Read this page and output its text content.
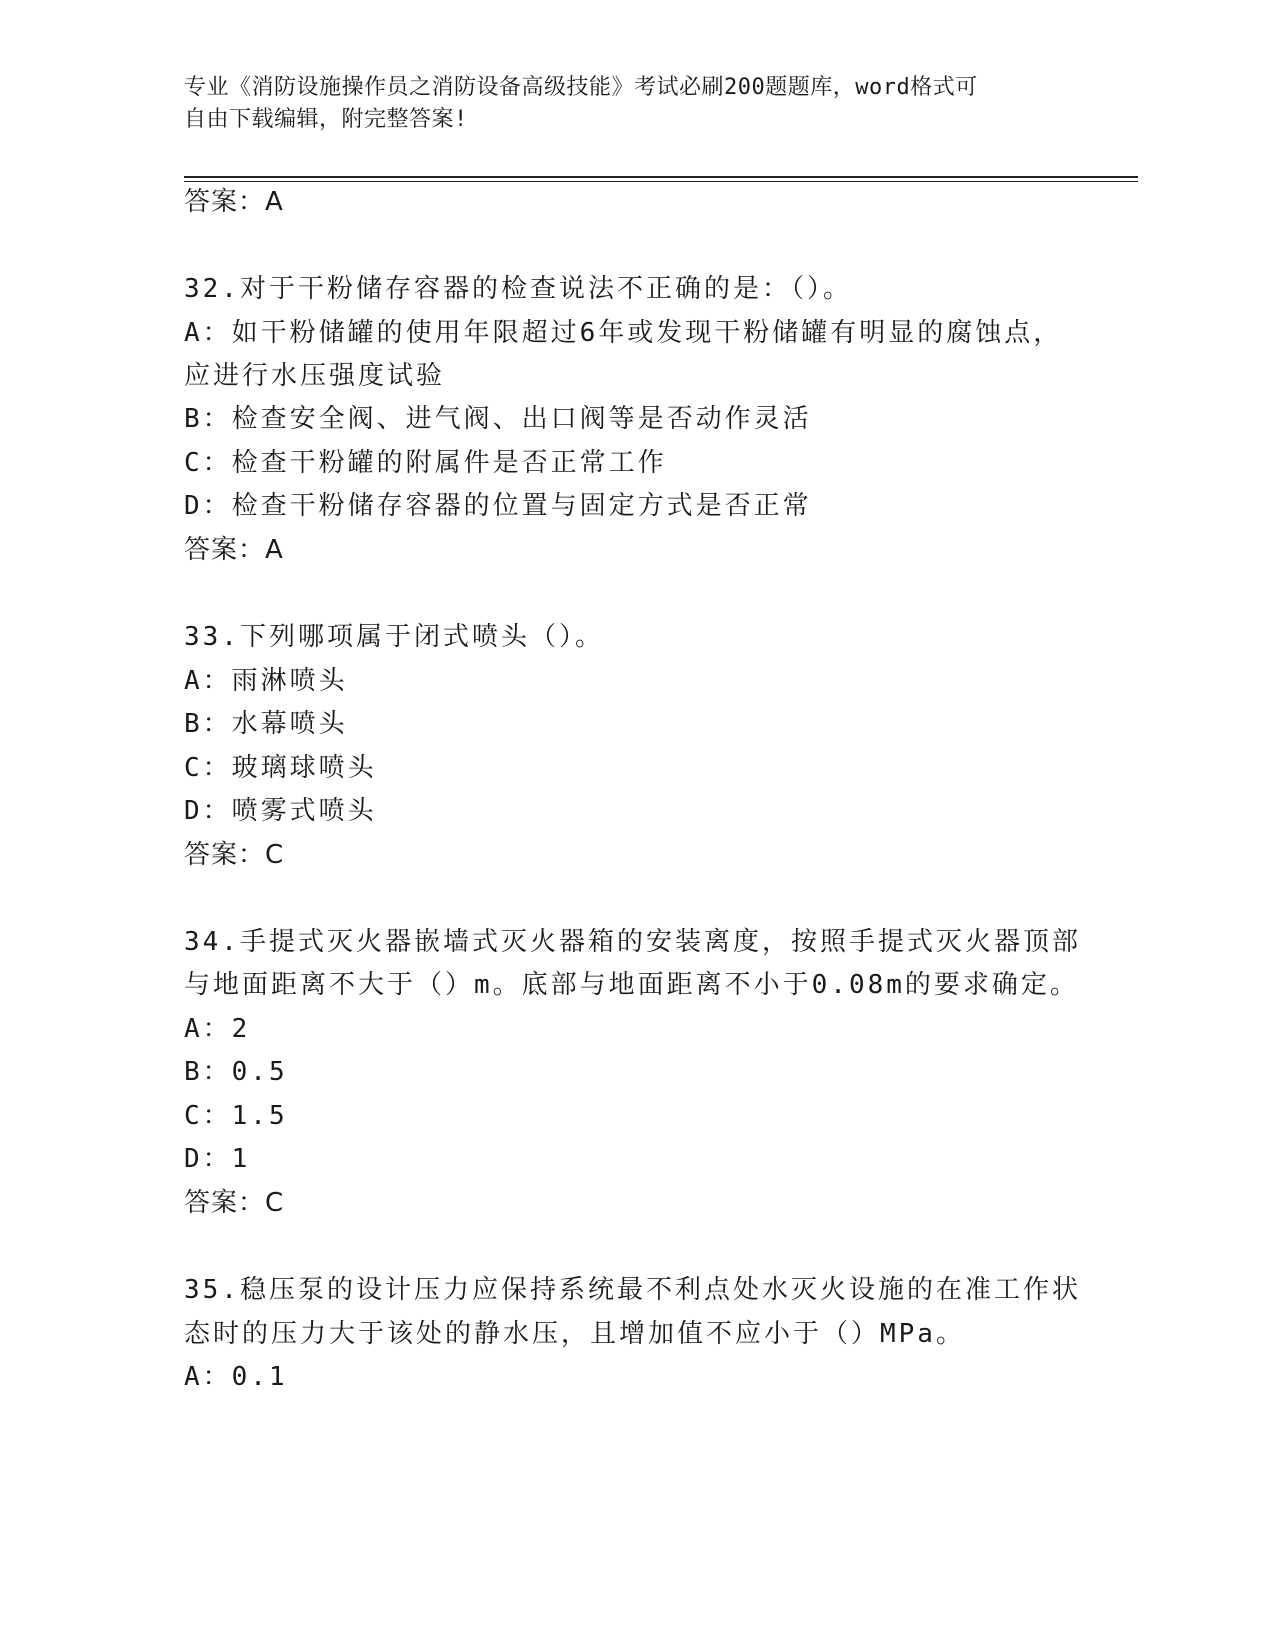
专业《消防设施操作员之消防设备高级技能》考试必刷200题题库，word格式可
自由下载编辑，附完整答案!
答案：A
32.对于干粉储存容器的检查说法不正确的是：（）。
A：如干粉储罐的使用年限超过6年或发现干粉储罐有明显的腐蚀点，
应进行水压强度试验
B：检查安全阀、进气阀、出口阀等是否动作灵活
C：检查干粉罐的附属件是否正常工作
D：检查干粉储存容器的位置与固定方式是否正常
答案：A
33.下列哪项属于闭式喷头（）。
A：雨淋喷头
B：水幕喷头
C：玻璃球喷头
D：喷雾式喷头
答案：C
34.手提式灭火器嵌墙式灭火器箱的安装离度，按照手提式灭火器顶部
与地面距离不大于（）m。底部与地面距离不小于0.08m的要求确定。
A：2
B：0.5
C：1.5
D：1
答案：C
35.稳压泵的设计压力应保持系统最不利点处水灭火设施的在准工作状
态时的压力大于该处的静水压，且增加值不应小于（）MPa。
A：0.1
